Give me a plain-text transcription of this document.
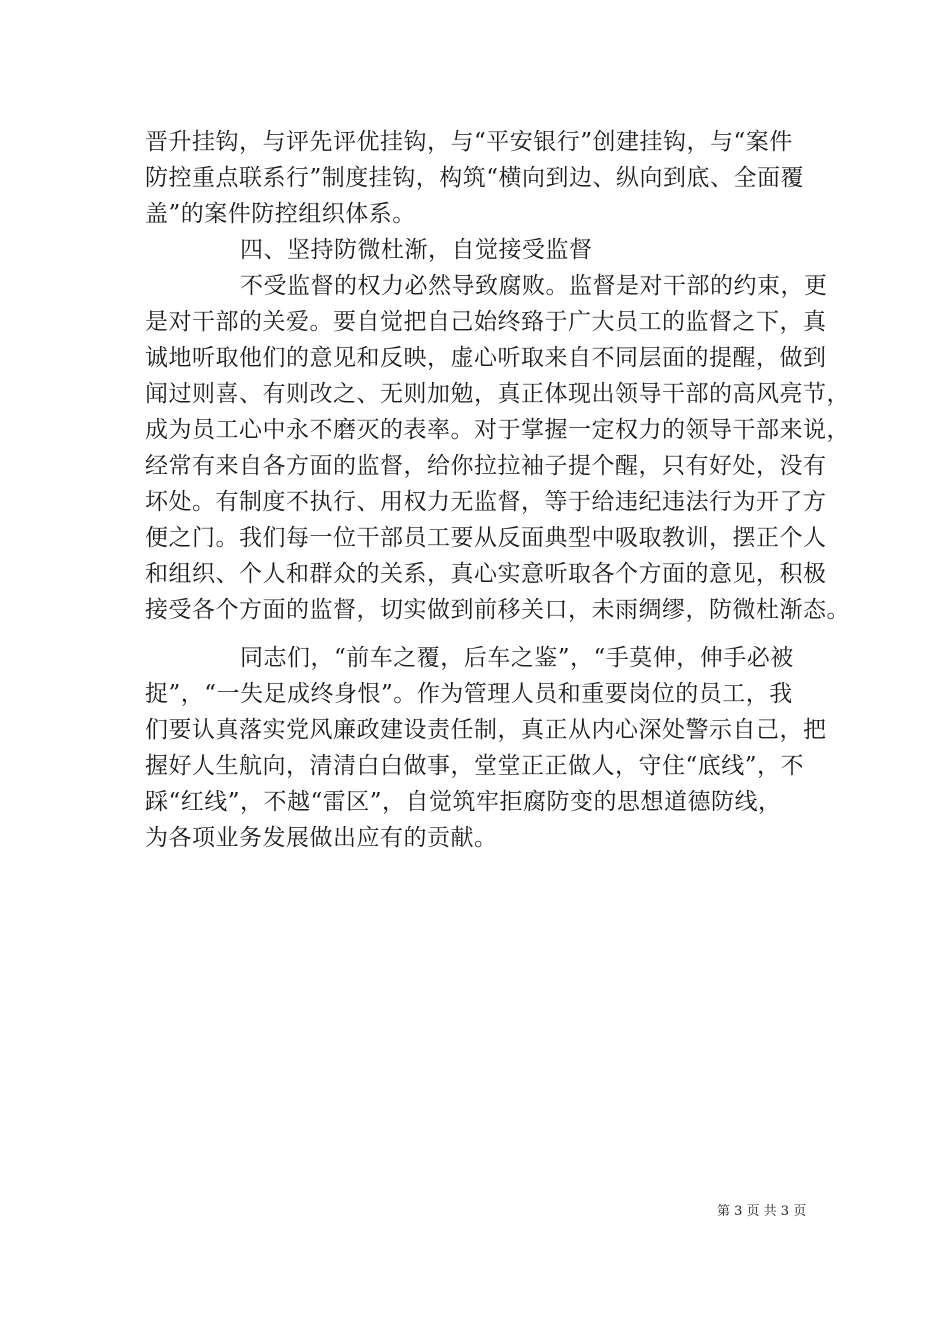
晋升挂钩，与评先评优挂钩，与“平安银行”创建挂钩，与“案件
防控重点联系行”制度挂钩，构筑“横向到边、纵向到底、全面覆
盖”的案件防控组织体系。
四、坚持防微杜渐，自觉接受监督
不受监督的权力必然导致腐败。监督是对干部的约束，更
是对干部的关爱。要自觉把自己始终臵于广大员工的监督之下，真
诚地听取他们的意见和反映，虚心听取来自不同层面的提醒，做到
闻过则喜、有则改之、无则加勉，真正体现出领导干部的高风亮节，
成为员工心中永不磨灭的表率。对于掌握一定权力的领导干部来说，
经常有来自各方面的监督，给你拉拉袖子提个醒，只有好处，没有
坏处。有制度不执行、用权力无监督，等于给违纪违法行为开了方
便之门。我们每一位干部员工要从反面典型中吸取教训，摆正个人
和组织、个人和群众的关系，真心实意听取各个方面的意见，积极
接受各个方面的监督，切实做到前移关口，未雨绸缪，防微杜渐态。
同志们，“前车之覆，后车之鉴”，“手莫伸，伸手必被
捉”，“一失足成终身恨”。作为管理人员和重要岗位的员工，我
们要认真落实党风廉政建设责任制，真正从内心深处警示自己，把
握好人生航向，清清白白做事，堂堂正正做人，守住“底线”，不
踩“红线”，不越“雷区”，自觉筑牢拒腐防变的思想道德防线，
为各项业务发展做出应有的贡献。
第 3 页 共 3 页
